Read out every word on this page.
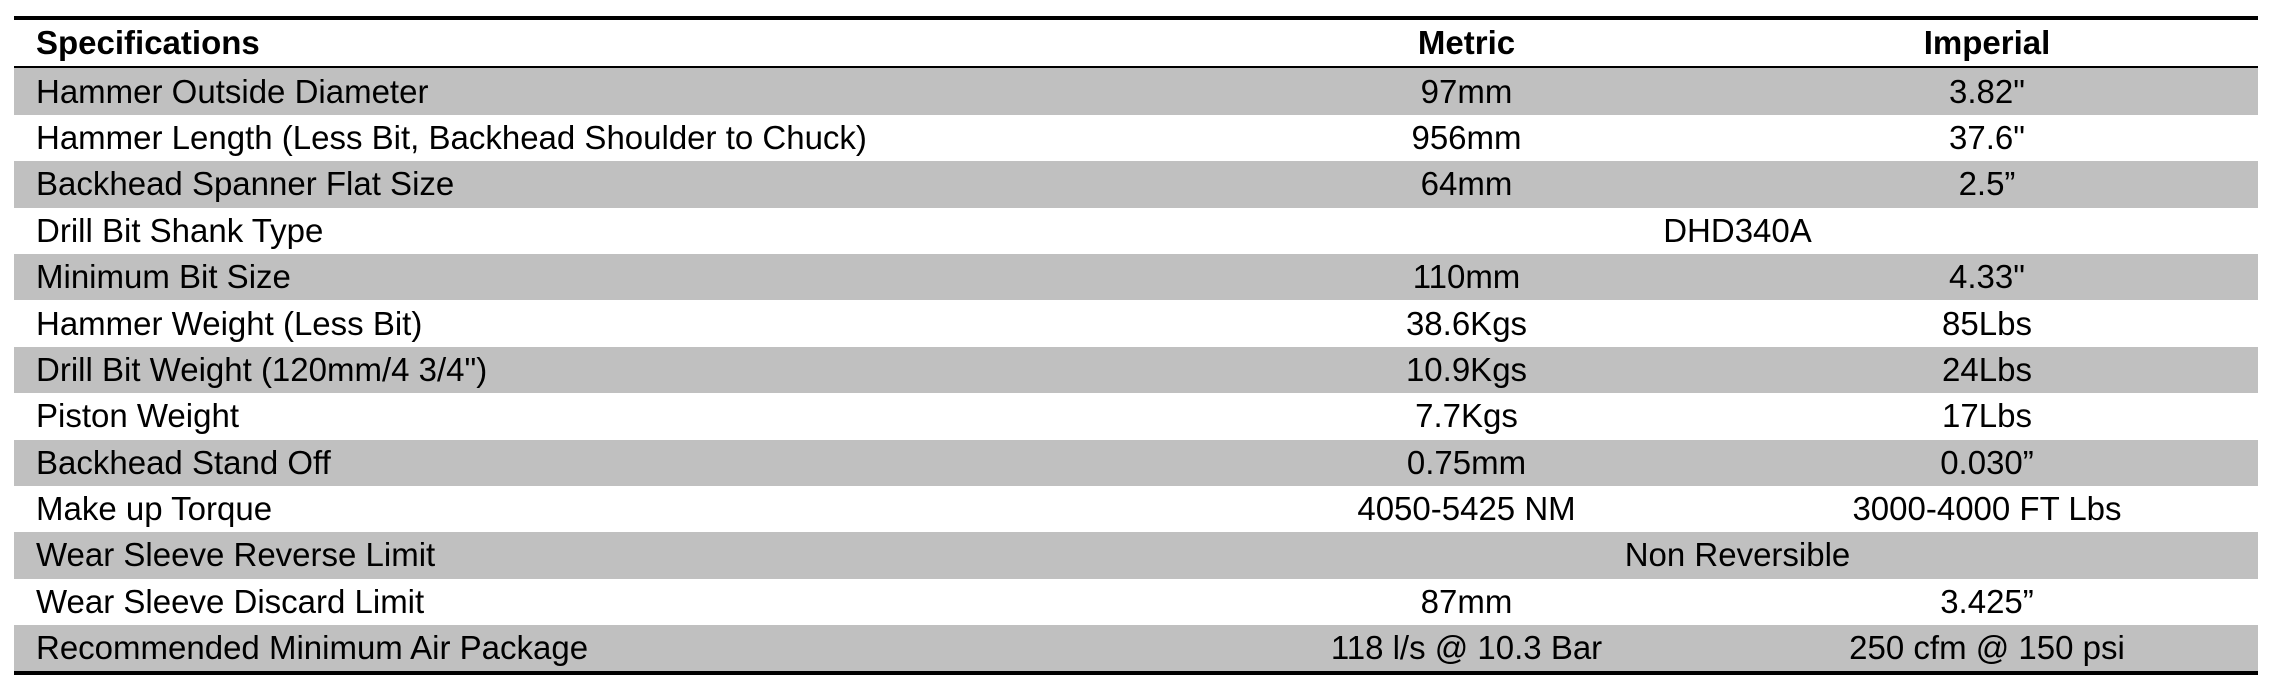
Specifications	Metric	Imperial
Hammer Outside Diameter	97mm	3.82"
Hammer Length (Less Bit, Backhead Shoulder to Chuck)	956mm	37.6"
Backhead Spanner Flat Size	64mm	2.5”
Drill Bit Shank Type	DHD340A	
Minimum Bit Size	110mm	4.33"
Hammer Weight (Less Bit)	38.6Kgs	85Lbs
Drill Bit Weight (120mm/4 3/4")	10.9Kgs	24Lbs
Piston Weight	7.7Kgs	17Lbs
Backhead Stand Off	0.75mm	0.030”
Make up Torque	4050-5425 NM	3000-4000 FT Lbs
Wear Sleeve Reverse Limit	Non Reversible	
Wear Sleeve Discard Limit	87mm	3.425”
Recommended Minimum Air Package	118 l/s @ 10.3 Bar	250 cfm @ 150 psi
